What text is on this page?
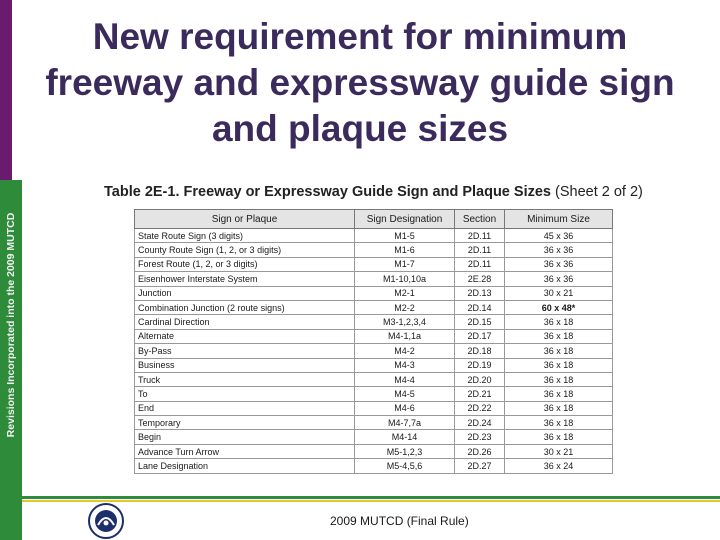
Revisions Incorporated into the 2009 MUTCD
New requirement for minimum freeway and expressway guide sign and plaque sizes
Table 2E-1. Freeway or Expressway Guide Sign and Plaque Sizes (Sheet 2 of 2)
Sign or Plaque	Sign Designation	Section	Minimum Size
State Route Sign (3 digits)	M1-5	2D.11	45 x 36
County Route Sign (1, 2, or 3 digits)	M1-6	2D.11	36 x 36
Forest Route (1, 2, or 3 digits)	M1-7	2D.11	36 x 36
Eisenhower Interstate System	M1-10,10a	2E.28	36 x 36
Junction	M2-1	2D.13	30 x 21
Combination Junction (2 route signs)	M2-2	2D.14	60 x 48*
Cardinal Direction	M3-1,2,3,4	2D.15	36 x 18
Alternate	M4-1,1a	2D.17	36 x 18
By-Pass	M4-2	2D.18	36 x 18
Business	M4-3	2D.19	36 x 18
Truck	M4-4	2D.20	36 x 18
To	M4-5	2D.21	36 x 18
End	M4-6	2D.22	36 x 18
Temporary	M4-7,7a	2D.24	36 x 18
Begin	M4-14	2D.23	36 x 18
Advance Turn Arrow	M5-1,2,3	2D.26	30 x 21
Lane Designation	M5-4,5,6	2D.27	36 x 24
2009 MUTCD (Final Rule)
